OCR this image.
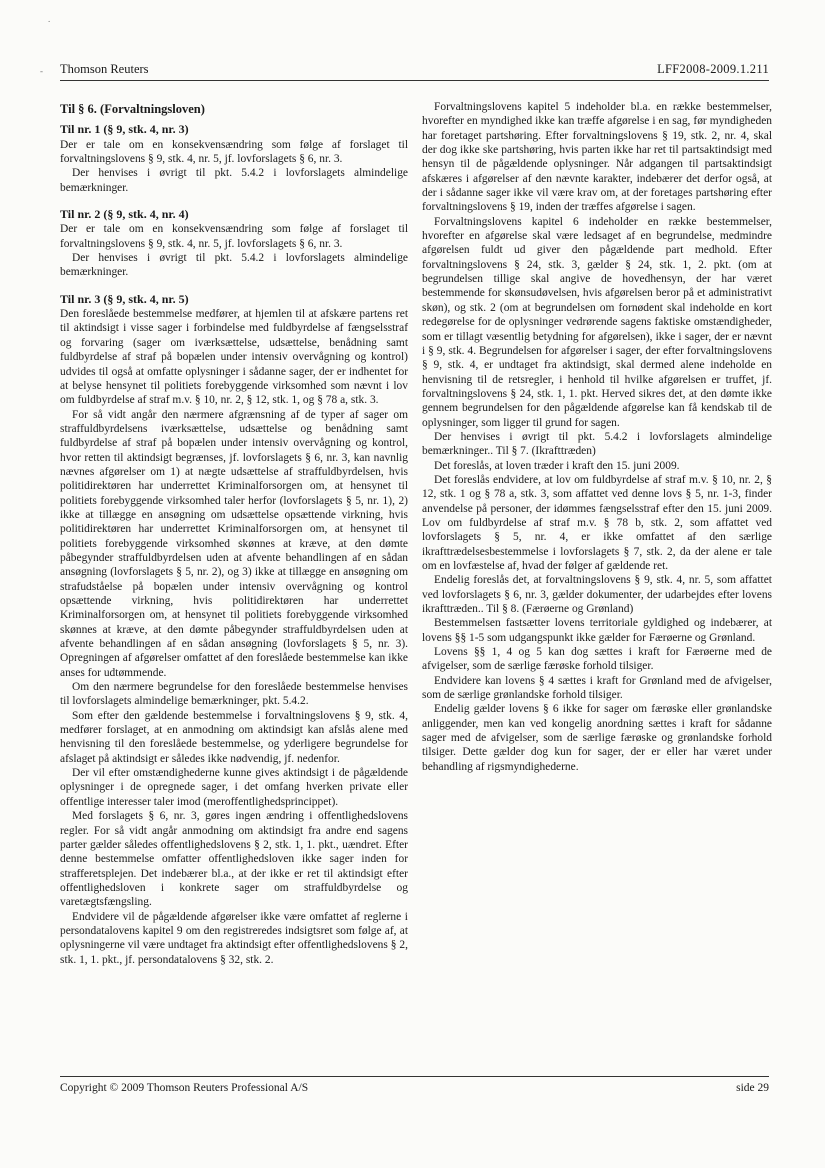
.
- Thomson Reuters	LFF2008-2009.1.211
Til § 6. (Forvaltningsloven)
Til nr. 1 (§ 9, stk. 4, nr. 3)

Der er tale om en konsekvensændring som følge af forslaget til forvaltningslovens § 9, stk. 4, nr. 5, jf. lovforslagets § 6, nr. 3.

Der henvises i øvrigt til pkt. 5.4.2 i lovforslagets almindelige bemærkninger.

Til nr. 2 (§ 9, stk. 4, nr. 4)

Der er tale om en konsekvensændring som følge af forslaget til forvaltningslovens § 9, stk. 4, nr. 5, jf. lovforslagets § 6, nr. 3.

Der henvises i øvrigt til pkt. 5.4.2 i lovforslagets almindelige bemærkninger.

Til nr. 3 (§ 9, stk. 4, nr. 5)

Den foreslåede bestemmelse medfører, at hjemlen til at afskære partens ret til aktindsigt i visse sager i forbindelse med fuldbyrdelse af fængselsstraf og forvaring (sager om iværksættelse, udsættelse, benådning samt fuldbyrdelse af straf på bopælen under intensiv overvågning og kontrol) udvides til også at omfatte oplysninger i sådanne sager, der er indhentet for at belyse hensynet til politiets forebyggende virksomhed som nævnt i lov om fuldbyrdelse af straf m.v. § 10, nr. 2, § 12, stk. 1, og § 78 a, stk. 3.

For så vidt angår den nærmere afgrænsning af de typer af sager om straffuldbyrdelsens iværksættelse, udsættelse og benådning samt fuldbyrdelse af straf på bopælen under intensiv overvågning og kontrol, hvor retten til aktindsigt begrænses, jf. lovforslagets § 6, nr. 3, kan navnlig nævnes afgørelser om 1) at nægte udsættelse af straffuldbyrdelsen, hvis politidirektøren har underrettet Kriminalforsorgen om, at hensynet til politiets forebyggende virksomhed taler herfor (lovforslagets § 5, nr. 1), 2) ikke at tillægge en ansøgning om udsættelse opsættende virkning, hvis politidirektøren har underrettet Kriminalforsorgen om, at hensynet til politiets forebyggende virksomhed skønnes at kræve, at den dømte påbegynder straffuldbyrdelsen uden at afvente behandlingen af en sådan ansøgning (lovforslagets § 5, nr. 2), og 3) ikke at tillægge en ansøgning om strafudståelse på bopælen under intensiv overvågning og kontrol opsættende virkning, hvis politidirektøren har underrettet Kriminalforsorgen om, at hensynet til politiets forebyggende virksomhed skønnes at kræve, at den dømte påbegynder straffuldbyrdelsen uden at afvente behandlingen af en sådan ansøgning (lovforslagets § 5, nr. 3). Opregningen af afgørelser omfattet af den foreslåede bestemmelse kan ikke anses for udtømmende.

Om den nærmere begrundelse for den foreslåede bestemmelse henvises til lovforslagets almindelige bemærkninger, pkt. 5.4.2.

Som efter den gældende bestemmelse i forvaltningslovens § 9, stk. 4, medfører forslaget, at en anmodning om aktindsigt kan afslås alene med henvisning til den foreslåede bestemmelse, og yderligere begrundelse for afslaget på aktindsigt er således ikke nødvendig, jf. nedenfor.

Der vil efter omstændighederne kunne gives aktindsigt i de pågældende oplysninger i de opregnede sager, i det omfang hverken private eller offentlige interesser taler imod (meroffentlighedsprincippet).

Med forslagets § 6, nr. 3, gøres ingen ændring i offentlighedslovens regler. For så vidt angår anmodning om aktindsigt fra andre end sagens parter gælder således offentlighedslovens § 2, stk. 1, 1. pkt., uændret. Efter denne bestemmelse omfatter offentlighedsloven ikke sager inden for strafferetsplejen. Det indebærer bl.a., at der ikke er ret til aktindsigt efter offentlighedsloven i konkrete sager om straffuldbyrdelse og varetægtsfængsling.

Endvidere vil de pågældende afgørelser ikke være omfattet af reglerne i persondatalovens kapitel 9 om den registreredes indsigtsret som følge af, at oplysningerne vil være undtaget fra aktindsigt efter offentlighedslovens § 2, stk. 1, 1. pkt., jf. persondatalovens § 32, stk. 2.

Forvaltningslovens kapitel 5 indeholder bl.a. en række bestemmelser, hvorefter en myndighed ikke kan træffe afgørelse i en sag, før myndigheden har foretaget partshøring. Efter forvaltningslovens § 19, stk. 2, nr. 4, skal der dog ikke ske partshøring, hvis parten ikke har ret til partsaktindsigt med hensyn til de pågældende oplysninger. Når adgangen til partsaktindsigt afskæres i afgørelser af den nævnte karakter, indebærer det derfor også, at der i sådanne sager ikke vil være krav om, at der foretages partshøring efter forvaltningslovens § 19, inden der træffes afgørelse i sagen.

Forvaltningslovens kapitel 6 indeholder en række bestemmelser, hvorefter en afgørelse skal være ledsaget af en begrundelse, medmindre afgørelsen fuldt ud giver den pågældende part medhold. Efter forvaltningslovens § 24, stk. 3, gælder § 24, stk. 1, 2. pkt. (om at begrundelsen tillige skal angive de hovedhensyn, der har været bestemmende for skønsudøvelsen, hvis afgørelsen beror på et administrativt skøn), og stk. 2 (om at begrundelsen om fornødent skal indeholde en kort redegørelse for de oplysninger vedrørende sagens faktiske omstændigheder, som er tillagt væsentlig betydning for afgørelsen), ikke i sager, der er nævnt i § 9, stk. 4. Begrundelsen for afgørelser i sager, der efter forvaltningslovens § 9, stk. 4, er undtaget fra aktindsigt, skal dermed alene indeholde en henvisning til de retsregler, i henhold til hvilke afgørelsen er truffet, jf. forvaltningslovens § 24, stk. 1, 1. pkt. Herved sikres det, at den dømte ikke gennem begrundelsen for den pågældende afgørelse kan få kendskab til de oplysninger, som ligger til grund for sagen.

Der henvises i øvrigt til pkt. 5.4.2 i lovforslagets almindelige bemærkninger.. Til § 7. (Ikrafttræden)

Det foreslås, at loven træder i kraft den 15. juni 2009.

Det foreslås endvidere, at lov om fuldbyrdelse af straf m.v. § 10, nr. 2, § 12, stk. 1 og § 78 a, stk. 3, som affattet ved denne lovs § 5, nr. 1-3, finder anvendelse på personer, der idømmes fængselsstraf efter den 15. juni 2009. Lov om fuldbyrdelse af straf m.v. § 78 b, stk. 2, som affattet ved lovforslagets § 5, nr. 4, er ikke omfattet af den særlige ikrafttrædelsesbestemmelse i lovforslagets § 7, stk. 2, da der alene er tale om en lovfæstelse af, hvad der følger af gældende ret.

Endelig foreslås det, at forvaltningslovens § 9, stk. 4, nr. 5, som affattet ved lovforslagets § 6, nr. 3, gælder dokumenter, der udarbejdes efter lovens ikrafttræden.. Til § 8. (Færøerne og Grønland)

Bestemmelsen fastsætter lovens territoriale gyldighed og indebærer, at lovens §§ 1-5 som udgangspunkt ikke gælder for Færøerne og Grønland.

Lovens §§ 1, 4 og 5 kan dog sættes i kraft for Færøerne med de afvigelser, som de særlige færøske forhold tilsiger.

Endvidere kan lovens § 4 sættes i kraft for Grønland med de afvigelser, som de særlige grønlandske forhold tilsiger.

Endelig gælder lovens § 6 ikke for sager om færøske eller grønlandske anliggender, men kan ved kongelig anordning sættes i kraft for sådanne sager med de afvigelser, som de særlige færøske og grønlandske forhold tilsiger. Dette gælder dog kun for sager, der er eller har været under behandling af rigsmyndighederne.

Copyright © 2009 Thomson Reuters Professional A/S	side 29
